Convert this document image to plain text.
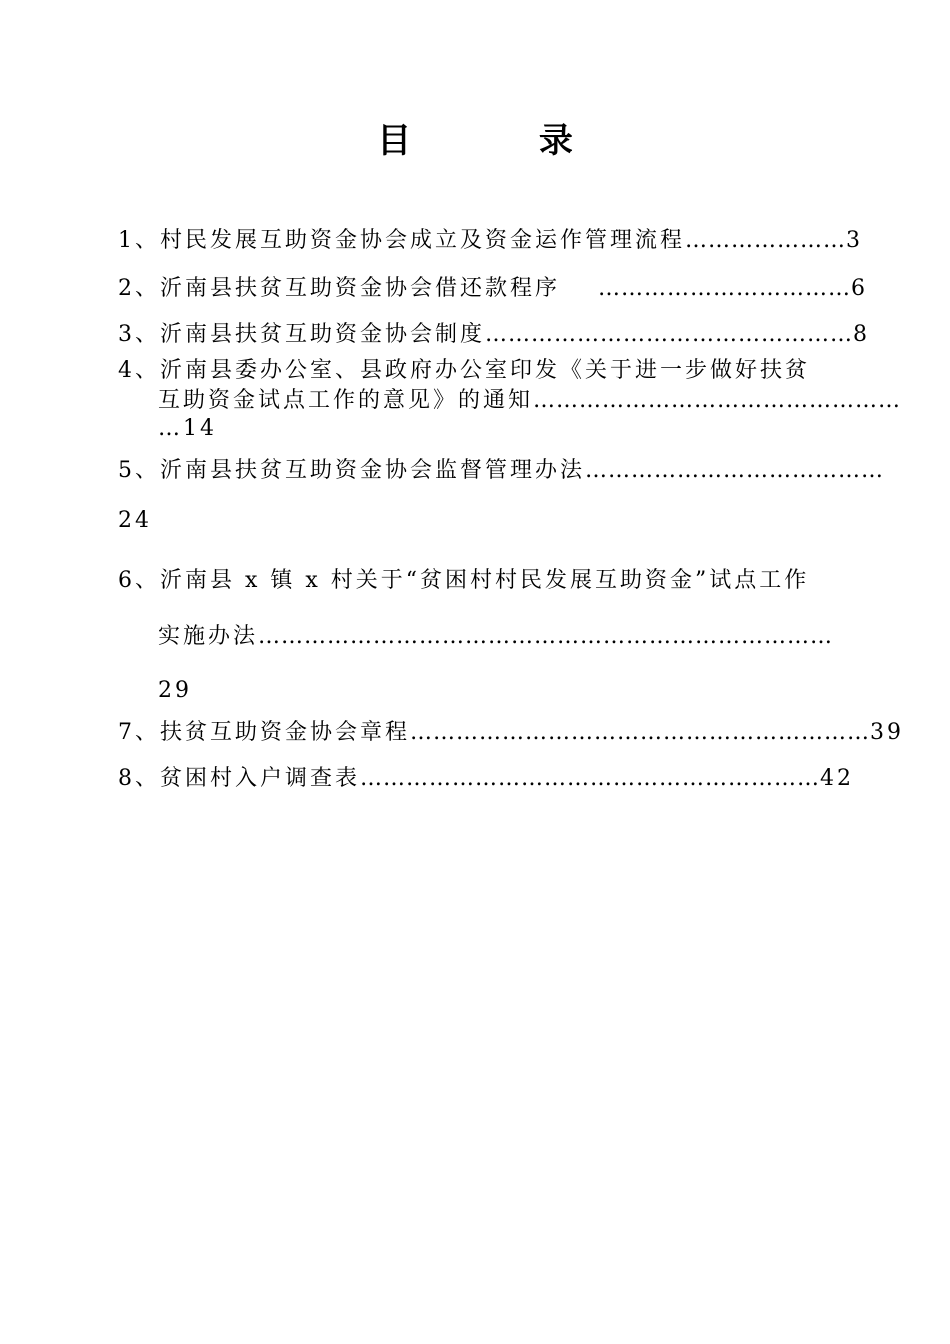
目 录
1、村民发展互助资金协会成立及资金运作管理流程…………………3
2、沂南县扶贫互助资金协会借还款程序 ……………………………6
3、沂南县扶贫互助资金协会制度…………………………………………8
4、沂南县委办公室、县政府办公室印发《关于进一步做好扶贫
互助资金试点工作的意见》的通知…………………………………………
…14
5、沂南县扶贫互助资金协会监督管理办法…………………………………
24
6、沂南县 x 镇 x 村关于“贫困村村民发展互助资金”试点工作
实施办法…………………………………………………………………
29
7、扶贫互助资金协会章程……………………………………………………39
8、贫困村入户调查表……………………………………………………42
